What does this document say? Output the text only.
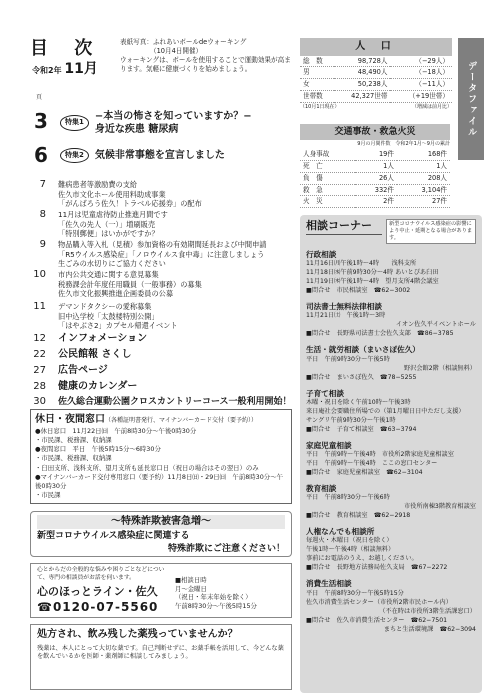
目 次
令和2年 11月
表紙写真：ふれあいボールdeウォーキング
（10月4日開催）
ウォーキングは、ボールを使用することで運動効果が高まります。気軽に健康づくりを始めましょう。
人 口
総　数	98,728人	（−29人）
男	48,490人	（−18人）
女	50,238人	（−11人）
世帯数	42,327世帯	（+19世帯）
（10月1日現在）	（増減は前月比）	データファイル
交通事故・救急火災
9月の月間件数　令和2年1月〜9月の累計
人身事故	19件	168件
死　亡	1人	1人
負　傷	26人	208人
救　急	332件	3,104件
火　災	2件	27件
頁
3	特集1
−本当の怖さを知っていますか？−
身近な疾患 糖尿病
6	特集2	気候非常事態を宣言しました
7 難病患者等激励費の支給
佐久市文化ホール使用料助成事業
「がんばろう佐久！トラベル応援券」の配布
8 11月は児童虐待防止推進月間です
「佐久の先人（一）」増刷販売
「特別郵便」はいかがですか？
9 物品購入等入札（見積）参加資格の有効期間延長および中間申請
「R5ウイルス感染症」「ノロウイルス食中毒」に注意しましょう
生ごみの水切りにご協力ください
10 市内公共交通に関する意見募集
税務課会計年度任用職員（一般事務）の募集
佐久市文化振興推進企画委員の公募
11 デマンドタクシーの愛称募集
旧中込学校「太鼓楼特別公開」
「はやぶさ2」カプセル帰還イベント
12 インフォメーション
22 公民館報 さくし
27 広告ページ
28 健康のカレンダー
30 佐久総合運動公園クロスカントリーコース一般利用開始！
休日・夜間窓口（各種証明書発行、マイナンバーカード交付（要予約））
●休日窓口　11月22日㈰　午前8時30分〜午後0時30分
・市民課、税務課、収納課
●夜間窓口　平日　午後5時15分〜6時30分
・市民課、税務課、収納課
・臼田支所、浅科支所、望月支所も延長窓口日（祝日の場合はその翌日）のみ
●マイナンバーカード交付専用窓口（要予約）11月8日㈰・29日㈰　午前8時30分〜午後0時30分
・市民課
〜特殊詐欺被害急増〜
新型コロナウイルス感染症に関連する
特殊詐欺にご注意ください！
心とからだの全般的な悩みや困りごとなどについて、専門の相談員がお話を伺います。
心のほっとライン・佐久
☎0120-07-5560
■相談日時
月〜金曜日
（祝日・年末年始を除く）
午前8時30分〜午後5時15分
処方され、飲み残した薬残っていませんか？
残薬は、本人にとって大切な薬です。自己判断せずに、お薬手帳を活用して、今どんな薬を飲んでいるかを医師・薬剤師に相談してみましょう。
相談コーナー	新型コロナウイルス感染症の影響により中止・延期となる場合があります。
行政相談
11月16日㈪午後1時〜4時　　浅科支所
11月18日㈬午前9時30分〜4時 あいとぴあ臼田
11月19日㈭午後1時〜4時　望月支所4階会議室
■問合せ　市民相談室　☎62−3002
司法書士無料法律相談
11月21日㈯　午後1時〜3時
イオン佐久平イベントホール
■問合せ　長野県司法書士会佐久支部　☎86−3785
生活・就労相談（まいさぽ佐久）
平日　午前9時30分〜午後5時
野沢会館2階（相談無料）
■問合せ　まいさぽ佐久　☎78−5255
子育て相談
木曜・祝日を除く午前10時〜午後3時
来日庵社会要職住所場での（第1月曜日日中ただし支援）
サングリ午前9時30分〜午後1時
■問合せ　子育て相談室　☎63−3794
家庭児童相談
平日　午前9時〜午後4時　市役所2階家庭児童相談室
平日　午前9時〜午後4時　ここの窓口センター
■問合せ　家庭児童相談室　☎62−3104
教育相談
平日　午前8時30分〜午後6時
市役所南棟3階教育相談室
■問合せ　教育相談室　☎62−2918
人権なんでも相談所
毎週火・木曜日（祝日を除く）
午後1時〜午後4時（相談無料）
事前にお電話のうえ、お越しください。
■問合せ　長野地方法務局佐久支局　☎67−2272
消費生活相談
平日　午前8時30分〜午後5時15分
佐久市消費生活センター（市役所2階市民ホール内）
（不在時は市役所3階生活課窓口）
■問合せ　佐久市消費生活センター　☎62−7501
まちと生活環境課　☎62−3094
